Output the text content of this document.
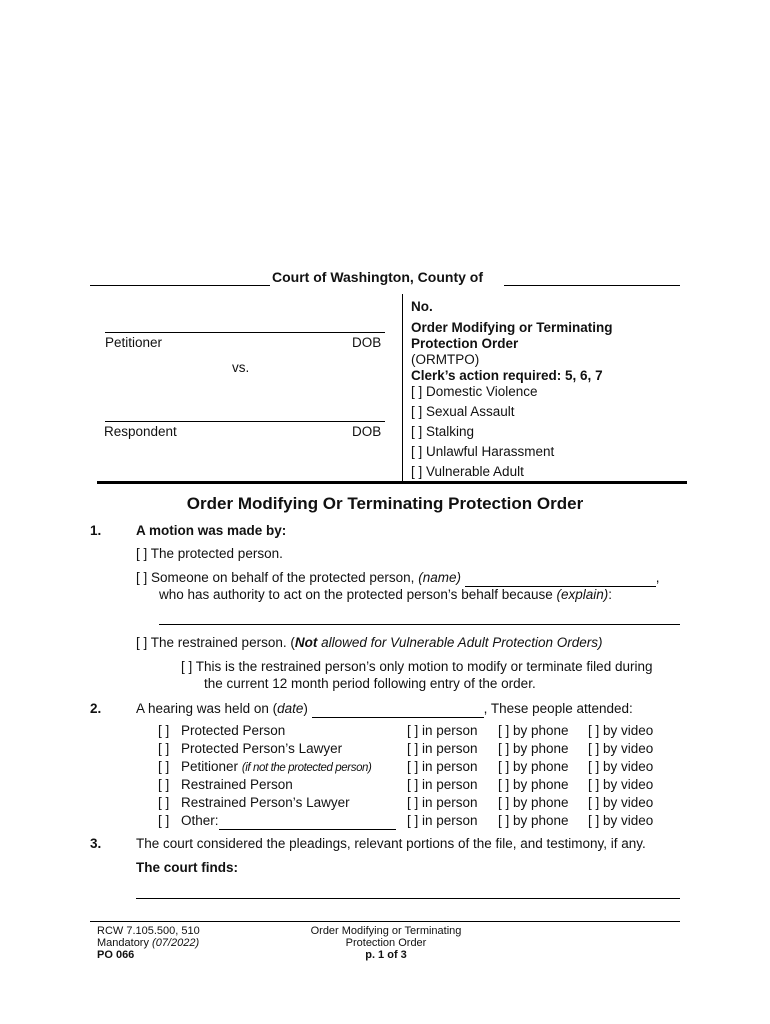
Court of Washington, County of
Petitioner	DOB
vs.
Respondent	DOB
No.
Order Modifying or Terminating
Protection Order
(ORMTPO)
Clerk’s action required: 5, 6, 7
[ ] Domestic Violence
[ ] Sexual Assault
[ ] Stalking
[ ] Unlawful Harassment
[ ] Vulnerable Adult
Order Modifying Or Terminating Protection Order
1.	A motion was made by:
[ ] The protected person.
[ ] Someone on behalf of the protected person, (name)	,
who has authority to act on the protected person’s behalf because (explain):
[ ] The restrained person. (Not allowed for Vulnerable Adult Protection Orders)
[ ] This is the restrained person’s only motion to modify or terminate filed during
the current 12 month period following entry of the order.
2.	A hearing was held on (date)	, These people attended:
[ ] Protected Person	[ ] in person [ ] by phone [ ] by video
[ ] Protected Person’s Lawyer	[ ] in person [ ] by phone [ ] by video
[ ] Petitioner (if not the protected person)	[ ] in person [ ] by phone [ ] by video
[ ] Restrained Person	[ ] in person [ ] by phone [ ] by video
[ ] Restrained Person’s Lawyer	[ ] in person [ ] by phone [ ] by video
[ ] Other:	[ ] in person [ ] by phone [ ] by video
3.	The court considered the pleadings, relevant portions of the file, and testimony, if any.
The court finds:
RCW 7.105.500, 510
Mandatory (07/2022)
PO 066
Order Modifying or Terminating
Protection Order
p. 1 of 3
